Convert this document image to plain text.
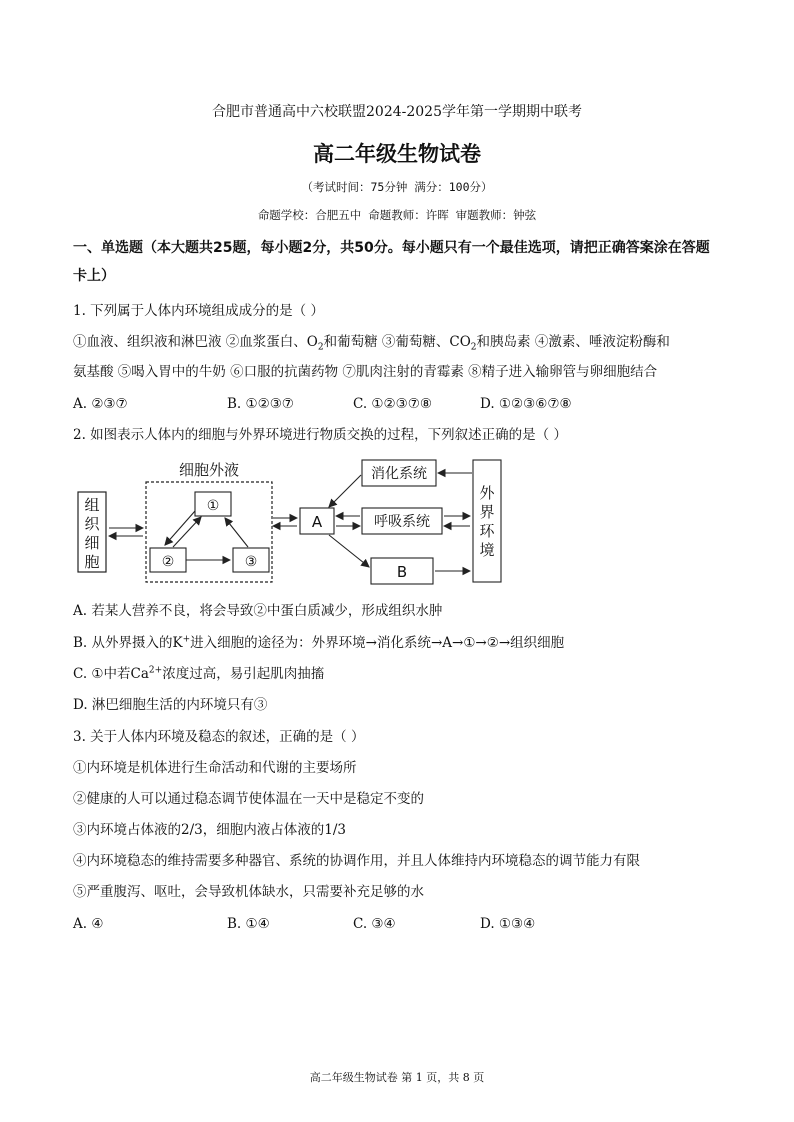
合肥市普通高中六校联盟2024-2025学年第一学期期中联考
高二年级生物试卷
（考试时间：75分钟 满分：100分）
命题学校：合肥五中 命题教师：许晖 审题教师：钟弦
一、单选题（本大题共25题，每小题2分，共50分。每小题只有一个最佳选项，请把正确答案涂在答题
卡上）
1. 下列属于人体内环境组成成分的是（ ）
①血液、组织液和淋巴液 ②血浆蛋白、$O_2$和葡萄糖 ③葡萄糖、$CO_2$和胰岛素 ④激素、唾液淀粉酶和
氨基酸 ⑤喝入胃中的牛奶 ⑥口服的抗菌药物 ⑦肌肉注射的青霉素 ⑧精子进入输卵管与卵细胞结合
A. ②③⑦	B. ①②③⑦	C. ①②③⑦⑧	D. ①②③⑥⑦⑧
2. 如图表示人体内的细胞与外界环境进行物质交换的过程，下列叙述正确的是（ ）
组
织
细
胞
细胞外液
①
②	③
A
消化系统
呼吸系统
B
外
界
环
境
A. 若某人营养不良，将会导致②中蛋白质减少，形成组织水肿
B. 从外界摄入的K+进入细胞的途径为：外界环境→消化系统→A→①→②→组织细胞
C. ①中若$Ca^{2+}$浓度过高，易引起肌肉抽搐
D. 淋巴细胞生活的内环境只有③
3. 关于人体内环境及稳态的叙述，正确的是（ ）
①内环境是机体进行生命活动和代谢的主要场所
②健康的人可以通过稳态调节使体温在一天中是稳定不变的
③内环境占体液的2/3，细胞内液占体液的1/3
④内环境稳态的维持需要多种器官、系统的协调作用，并且人体维持内环境稳态的调节能力有限
⑤严重腹泻、呕吐，会导致机体缺水，只需要补充足够的水
A. ④	B. ①④	C. ③④	D. ①③④
高二年级生物试卷 第 1 页，共 8 页
